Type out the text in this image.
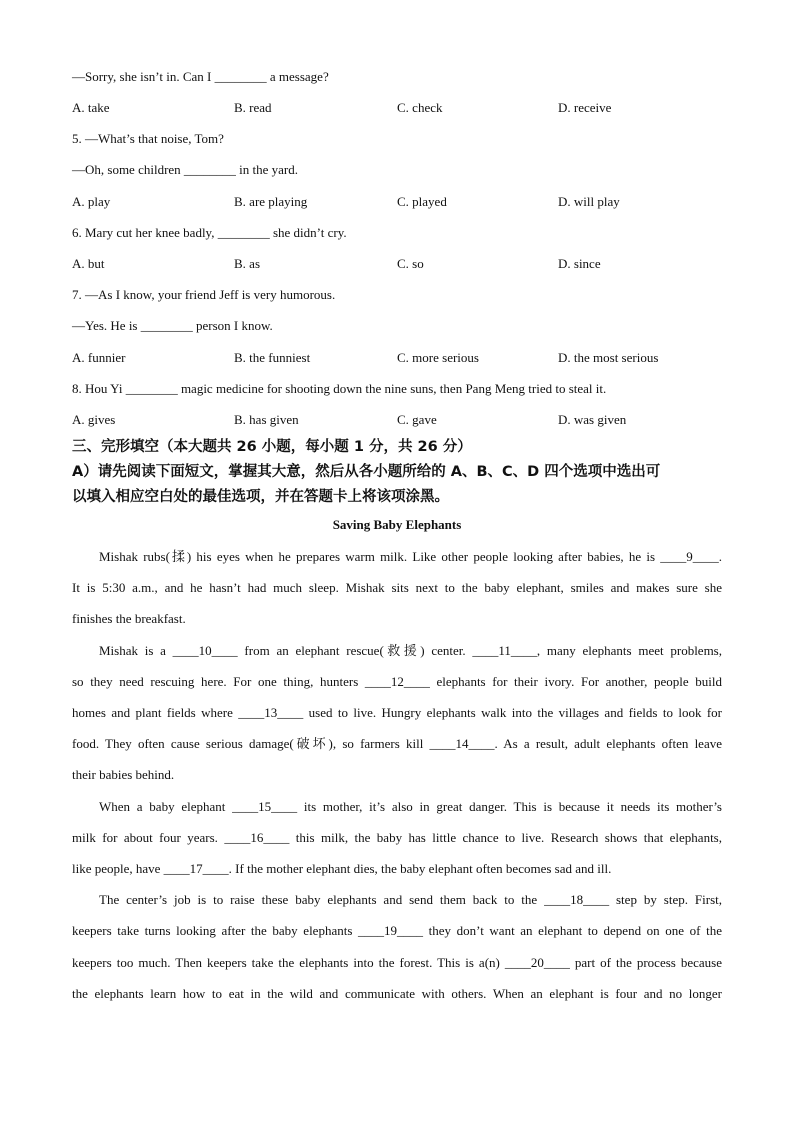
—Sorry, she isn’t in. Can I ________ a message?
A. take	B. read	C. check	D. receive
5. —What’s that noise, Tom?
—Oh, some children ________ in the yard.
A. play	B. are playing	C. played	D. will play
6. Mary cut her knee badly, ________ she didn’t cry.
A. but	B. as	C. so	D. since
7. —As I know, your friend Jeff is very humorous.
—Yes. He is ________ person I know.
A. funnier	B. the funniest	C. more serious	D. the most serious
8. Hou Yi ________ magic medicine for shooting down the nine suns, then Pang Meng tried to steal it.
A. gives	B. has given	C. gave	D. was given
三、完形填空（本大题共 26 小题，每小题 1 分，共 26 分）
A）请先阅读下面短文，掌握其大意，然后从各小题所给的 A、B、C、D 四个选项中选出可
以填入相应空白处的最佳选项，并在答题卡上将该项涂黑。
Saving Baby Elephants
Mishak rubs(揉) his eyes when he prepares warm milk. Like other people looking after babies, he is ____9____.
It is 5:30 a.m., and he hasn’t had much sleep. Mishak sits next to the baby elephant, smiles and makes sure she
finishes the breakfast.
Mishak is a ____10____ from an elephant rescue(救援) center. ____11____, many elephants meet problems,
so they need rescuing here. For one thing, hunters ____12____ elephants for their ivory. For another, people build
homes and plant fields where ____13____ used to live. Hungry elephants walk into the villages and fields to look for
food. They often cause serious damage(破坏), so farmers kill ____14____. As a result, adult elephants often leave
their babies behind.
When a baby elephant ____15____ its mother, it’s also in great danger. This is because it needs its mother’s
milk for about four years. ____16____ this milk, the baby has little chance to live. Research shows that elephants,
like people, have ____17____. If the mother elephant dies, the baby elephant often becomes sad and ill.
The center’s job is to raise these baby elephants and send them back to the ____18____ step by step. First,
keepers take turns looking after the baby elephants ____19____ they don’t want an elephant to depend on one of the
keepers too much. Then keepers take the elephants into the forest. This is a(n) ____20____ part of the process because
the elephants learn how to eat in the wild and communicate with others. When an elephant is four and no longer
